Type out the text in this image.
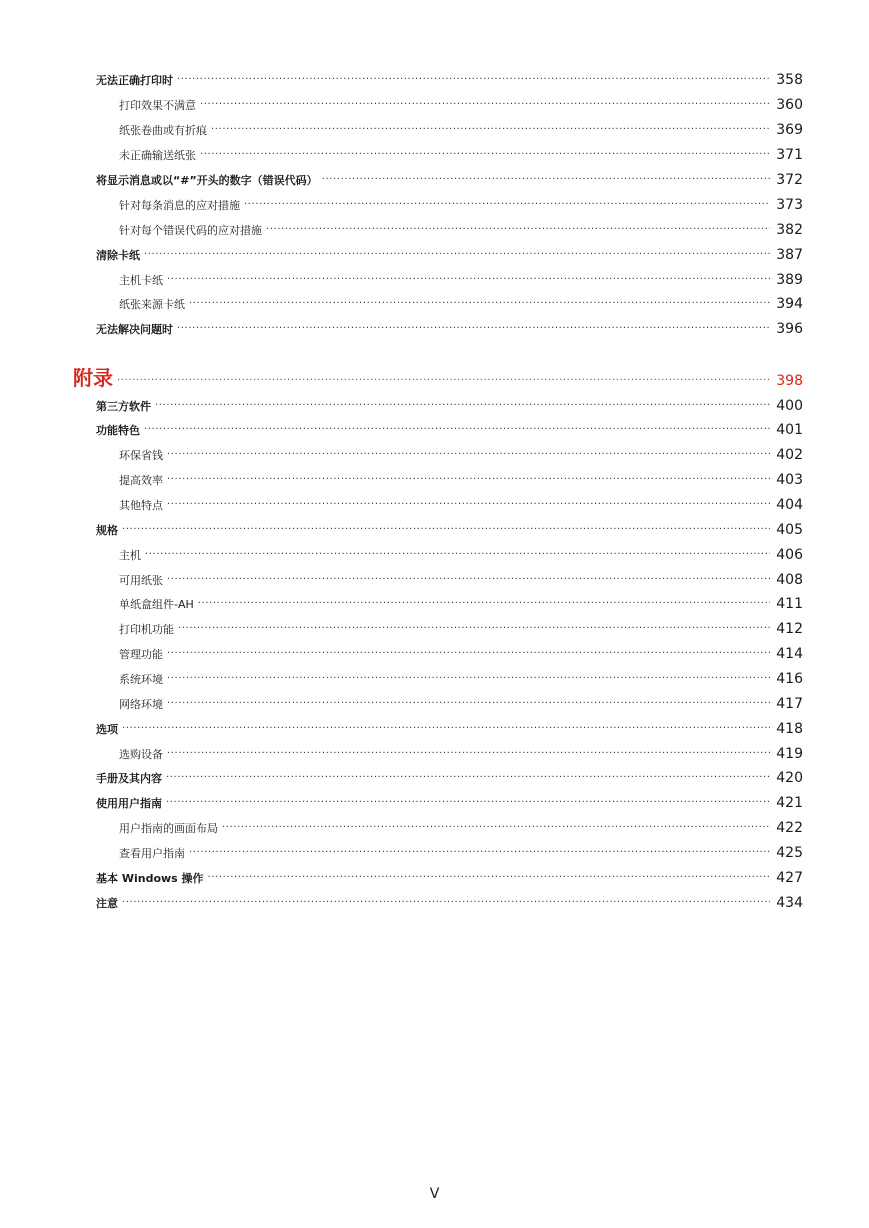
无法正确打印时 .....	358
打印效果不满意 .....	360
纸张卷曲或有折痕 .....	369
未正确输送纸张 .....	371
将显示消息或以“#”开头的数字（错误代码） .....	372
针对每条消息的应对措施 .....	373
针对每个错误代码的应对措施 .....	382
清除卡纸 .....	387
主机卡纸 .....	389
纸张来源卡纸 .....	394
无法解决问题时 .....	396
附录 .....	398
第三方软件 .....	400
功能特色 .....	401
环保省钱 .....	402
提高效率 .....	403
其他特点 .....	404
规格 .....	405
主机 .....	406
可用纸张 .....	408
单纸盒组件-AH .....	411
打印机功能 .....	412
管理功能 .....	414
系统环境 .....	416
网络环境 .....	417
选项 .....	418
选购设备 .....	419
手册及其内容 .....	420
使用用户指南 .....	421
用户指南的画面布局 .....	422
查看用户指南 .....	425
基本 Windows 操作 .....	427
注意 .....	434
V
